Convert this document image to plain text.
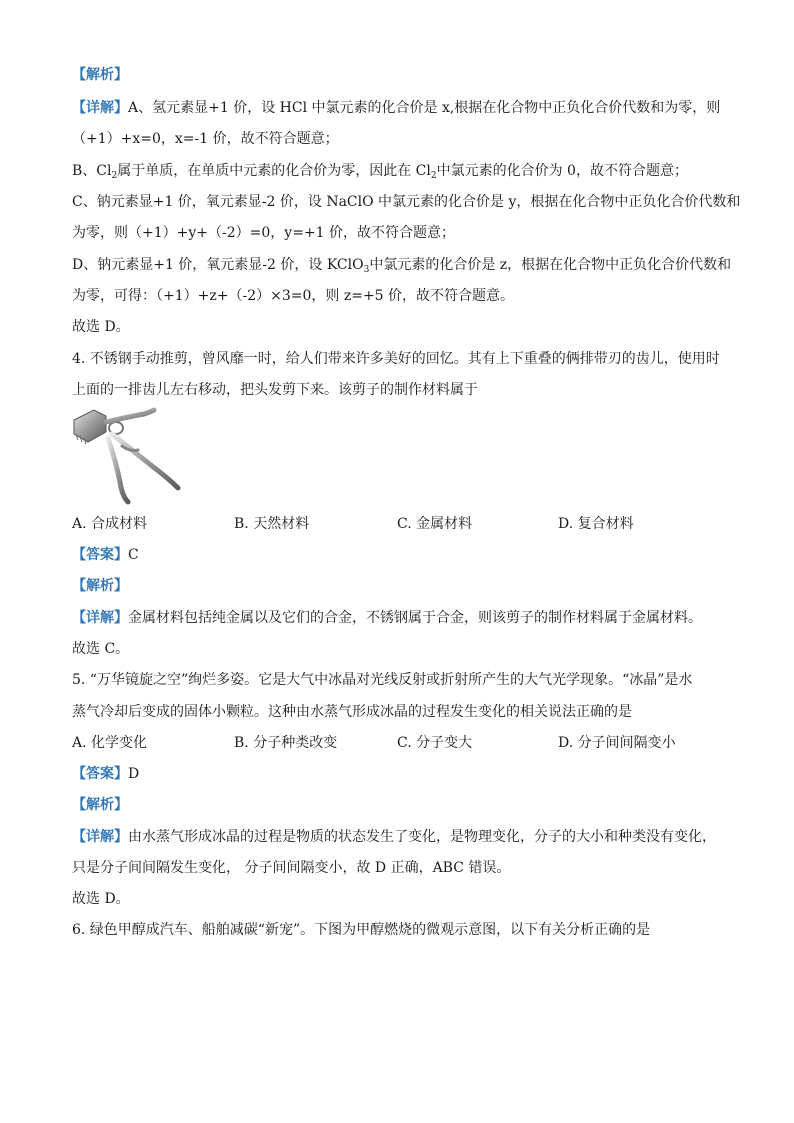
【解析】
【详解】A、氢元素显+1 价，设 HCl 中氯元素的化合价是 x,根据在化合物中正负化合价代数和为零，则
（+1）+x=0，x=-1 价，故不符合题意；
B、$Cl_2$属于单质，在单质中元素的化合价为零，因此在 $Cl_2$中氯元素的化合价为 0，故不符合题意；
C、钠元素显+1 价，氧元素显-2 价，设 NaClO 中氯元素的化合价是 y，根据在化合物中正负化合价代数和
为零，则（+1）+y+（-2）=0，y=+1 价，故不符合题意；
D、钠元素显+1 价，氧元素显-2 价，设 KClO$_3$中氯元素的化合价是 z，根据在化合物中正负化合价代数和
为零，可得：（+1）+z+（-2）×3=0，则 z=+5 价，故不符合题意。
故选 D。
4. 不锈钢手动推剪，曾风靡一时，给人们带来许多美好的回忆。其有上下重叠的俩排带刃的齿儿，使用时
上面的一排齿儿左右移动，把头发剪下来。该剪子的制作材料属于
A. 合成材料	B. 天然材料	C. 金属材料	D. 复合材料
【答案】C
【解析】
【详解】金属材料包括纯金属以及它们的合金，不锈钢属于合金，则该剪子的制作材料属于金属材料。
故选 C。
5. “万华镜旋之空”绚烂多姿。它是大气中冰晶对光线反射或折射所产生的大气光学现象。“冰晶”是水
蒸气冷却后变成的固体小颗粒。这种由水蒸气形成冰晶的过程发生变化的相关说法正确的是
A. 化学变化	B. 分子种类改变	C. 分子变大	D. 分子间间隔变小
【答案】D
【解析】
【详解】由水蒸气形成冰晶的过程是物质的状态发生了变化，是物理变化，分子的大小和种类没有变化，
只是分子间间隔发生变化， 分子间间隔变小，故 D 正确，ABC 错误。
故选 D。
6. 绿色甲醇成汽车、船舶减碳“新宠”。下图为甲醇燃烧的微观示意图，以下有关分析正确的是
